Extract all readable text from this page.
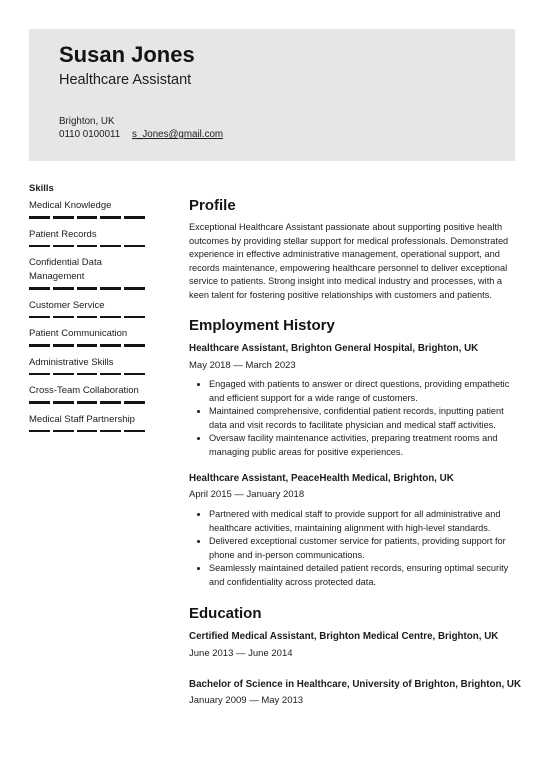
Susan Jones
Healthcare Assistant
Brighton, UK
0110 0100011 s_Jones@gmail.com
Skills
Medical Knowledge
Patient Records
Confidential Data Management
Customer Service
Patient Communication
Administrative Skills
Cross-Team Collaboration
Medical Staff Partnership
Profile
Exceptional Healthcare Assistant passionate about supporting positive health outcomes by providing stellar support for medical professionals. Demonstrated experience in effective administrative management, operational support, and records maintenance, empowering healthcare personnel to deliver exceptional service to patients. Strong insight into medical industry and processes, with a keen talent for fostering positive relationships with customers and patients.
Employment History
Healthcare Assistant, Brighton General Hospital, Brighton, UK
May 2018 — March 2023
• Engaged with patients to answer or direct questions, providing empathetic and efficient support for a wide range of customers.
• Maintained comprehensive, confidential patient records, inputting patient data and visit records to facilitate physician and medical staff activities.
• Oversaw facility maintenance activities, preparing treatment rooms and managing public areas for positive experiences.
Healthcare Assistant, PeaceHealth Medical, Brighton, UK
April 2015 — January 2018
• Partnered with medical staff to provide support for all administrative and healthcare activities, maintaining alignment with high-level standards.
• Delivered exceptional customer service for patients, providing support for phone and in-person communications.
• Seamlessly maintained detailed patient records, ensuring optimal security and confidentiality across protected data.
Education
Certified Medical Assistant, Brighton Medical Centre, Brighton, UK
June 2013 — June 2014
Bachelor of Science in Healthcare, University of Brighton, Brighton, UK
January 2009 — May 2013
